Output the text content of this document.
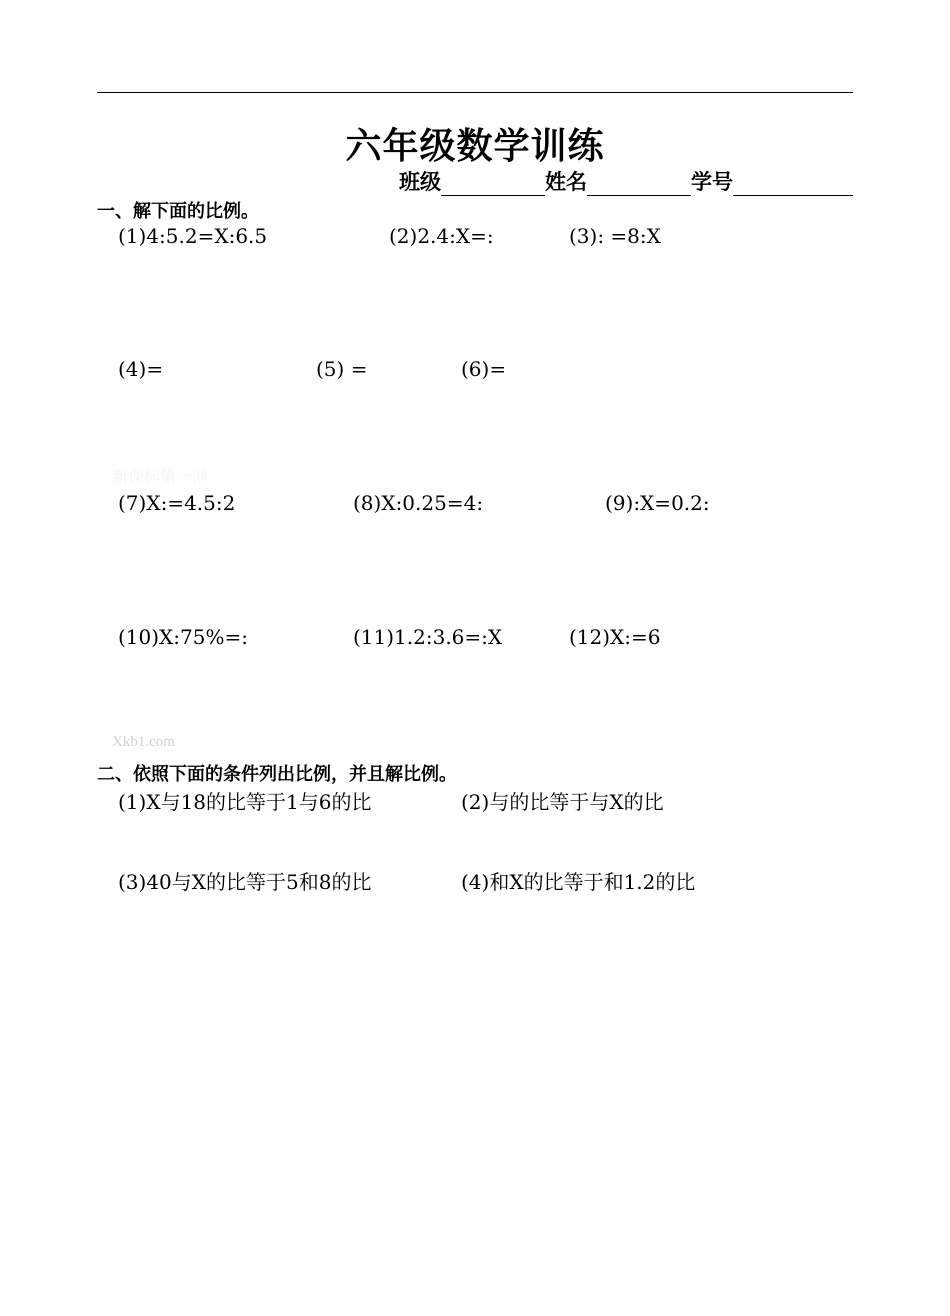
六年级数学训练
班级	姓名	学号
一、解下面的比例。
(1)4:5.2=X:6.5	(2)2.4:X=:	(3): =8:X
(4)=	(5) =	(6)=
新课标第一网
(7)X:=4.5:2	(8)X:0.25=4:	(9):X=0.2:
(10)X:75%=:	(11)1.2:3.6=:X	(12)X:=6
Xkb1.com
二、依照下面的条件列出比例，并且解比例。
(1)X与18的比等于1与6的比	(2)与的比等于与X的比
(3)40与X的比等于5和8的比	(4)和X的比等于和1.2的比
